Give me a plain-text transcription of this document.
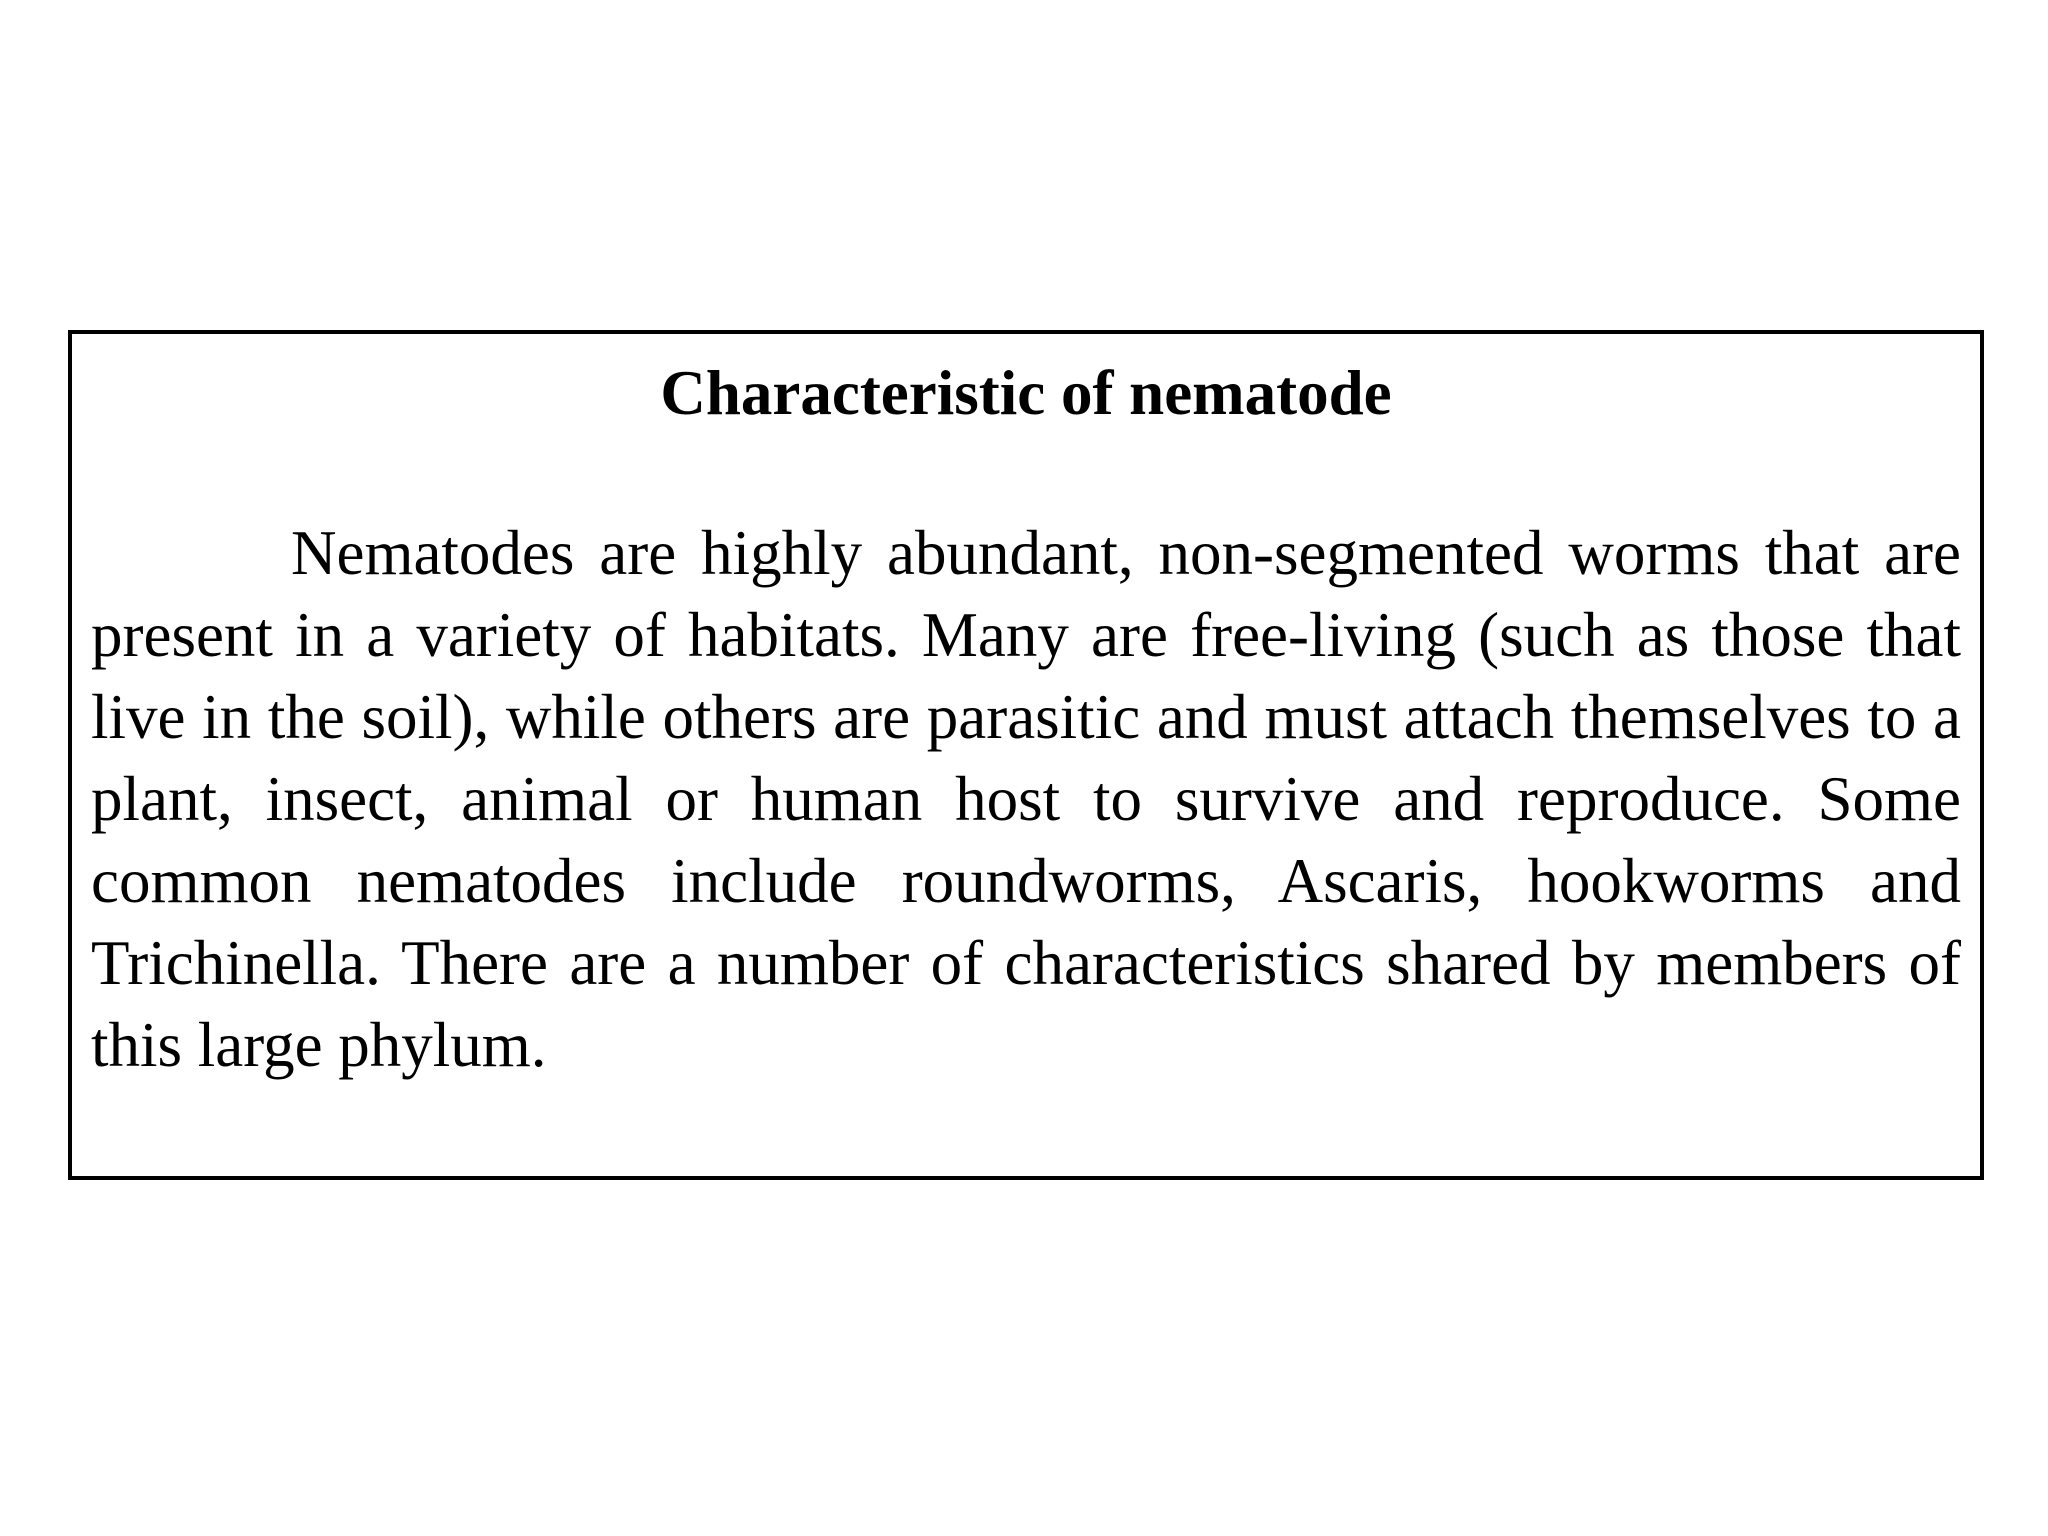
Characteristic of nematode

Nematodes are highly abundant, non-segmented worms that are present in a variety of habitats. Many are free-living (such as those that live in the soil), while others are parasitic and must attach themselves to a plant, insect, animal or human host to survive and reproduce. Some common nematodes include roundworms, Ascaris, hookworms and Trichinella. There are a number of characteristics shared by members of this large phylum.
